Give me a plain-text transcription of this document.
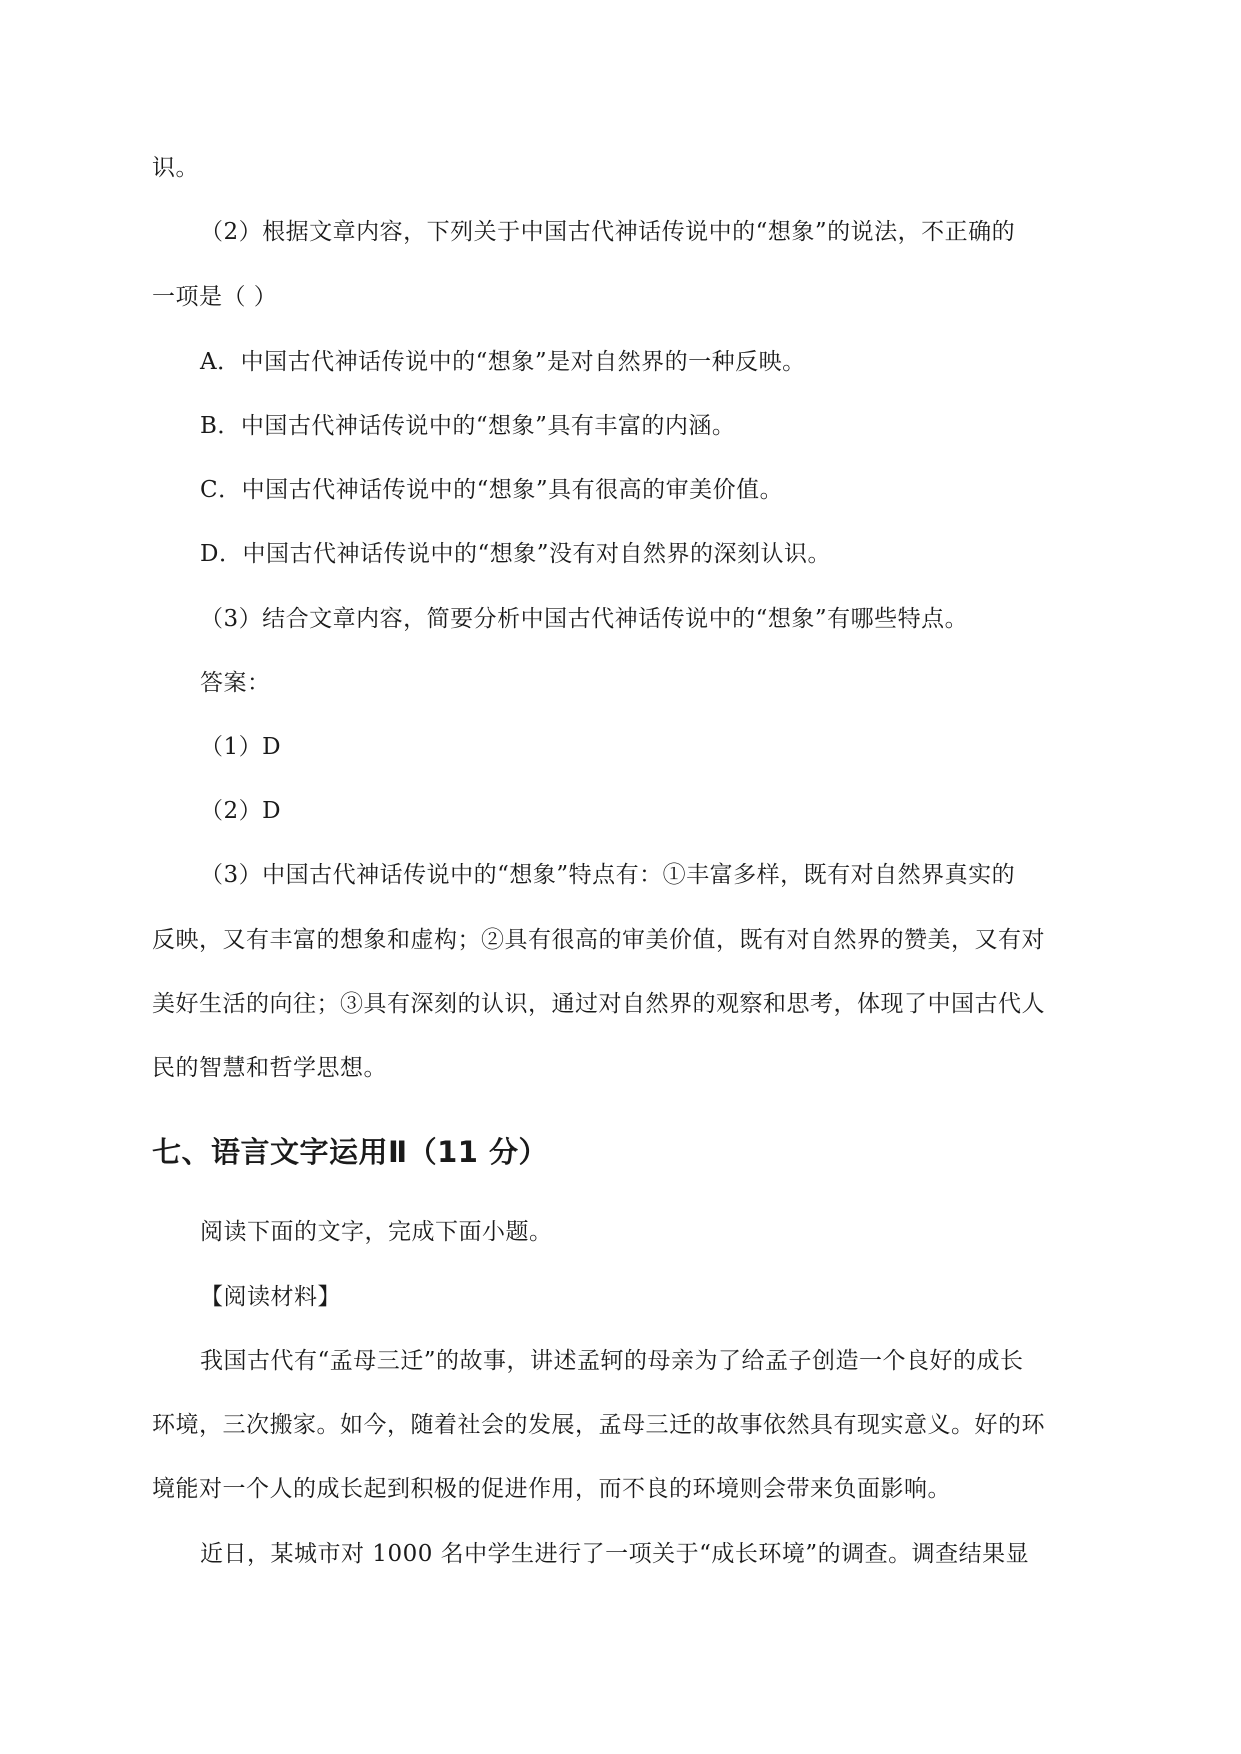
识。
（2）根据文章内容，下列关于中国古代神话传说中的“想象”的说法，不正确的
一项是（ ）
A．中国古代神话传说中的“想象”是对自然界的一种反映。
B．中国古代神话传说中的“想象”具有丰富的内涵。
C．中国古代神话传说中的“想象”具有很高的审美价值。
D．中国古代神话传说中的“想象”没有对自然界的深刻认识。
（3）结合文章内容，简要分析中国古代神话传说中的“想象”有哪些特点。
答案：
（1）D
（2）D
（3）中国古代神话传说中的“想象”特点有：①丰富多样，既有对自然界真实的
反映，又有丰富的想象和虚构；②具有很高的审美价值，既有对自然界的赞美，又有对
美好生活的向往；③具有深刻的认识，通过对自然界的观察和思考，体现了中国古代人
民的智慧和哲学思想。
七、语言文字运用Ⅱ（11 分）
阅读下面的文字，完成下面小题。
【阅读材料】
我国古代有“孟母三迁”的故事，讲述孟轲的母亲为了给孟子创造一个良好的成长
环境，三次搬家。如今，随着社会的发展，孟母三迁的故事依然具有现实意义。好的环
境能对一个人的成长起到积极的促进作用，而不良的环境则会带来负面影响。
近日，某城市对 1000 名中学生进行了一项关于“成长环境”的调查。调查结果显
